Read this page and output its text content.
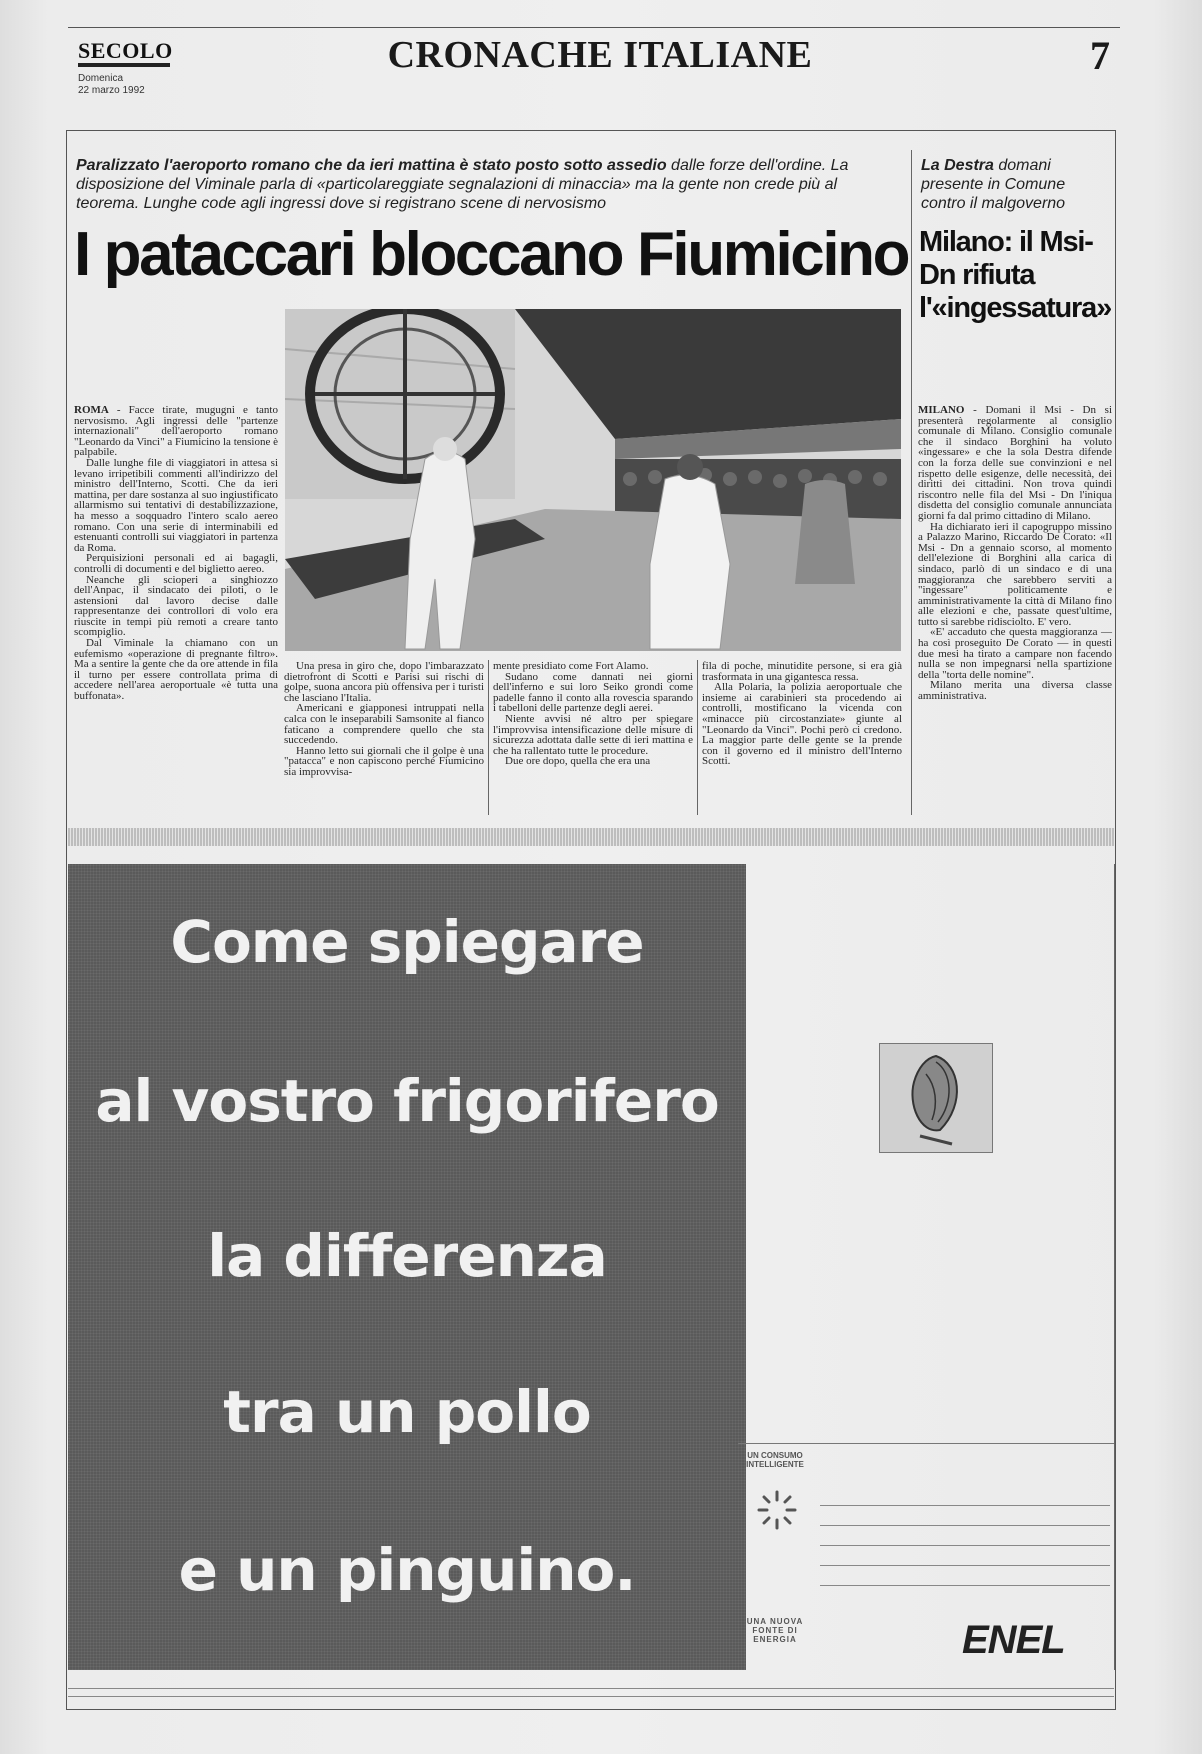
SECOLO
Domenica
22 marzo 1992
CRONACHE ITALIANE	7
Paralizzato l'aeroporto romano che da ieri mattina è stato posto sotto assedio dalle forze dell'ordine. La disposizione del Viminale parla di «particolareggiate segnalazioni di minaccia» ma la gente non crede più al teorema. Lunghe code agli ingressi dove si registrano scene di nervosismo
I pataccari bloccano Fiumicino

ROMA - Facce tirate, mugugni e tanto nervosismo. Agli ingressi delle "partenze internazionali" dell'aeroporto romano "Leonardo da Vinci" a Fiumicino la tensione è palpabile.

Dalle lunghe file di viaggiatori in attesa si levano irripetibili commenti all'indirizzo del ministro dell'Interno, Scotti. Che da ieri mattina, per dare sostanza al suo ingiustificato allarmismo sui tentativi di destabilizzazione, ha messo a soqquadro l'intero scalo aereo romano. Con una serie di interminabili ed estenuanti controlli sui viaggiatori in partenza da Roma.

Perquisizioni personali ed ai bagagli, controlli di documenti e del biglietto aereo.

Neanche gli scioperi a singhiozzo dell'Anpac, il sindacato dei piloti, o le astensioni dal lavoro decise dalle rappresentanze dei controllori di volo era riuscite in tempi più remoti a creare tanto scompiglio.

Dal Viminale la chiamano con un eufemismo «operazione di pregnante filtro». Ma a sentire la gente che da ore attende in fila il turno per essere controllata prima di accedere nell'area aeroportuale «è tutta una buffonata».

Una presa in giro che, dopo l'imbarazzato dietrofront di Scotti e Parisi sui rischi di golpe, suona ancora più offensiva per i turisti che lasciano l'Italia.

Americani e giapponesi intruppati nella calca con le inseparabili Samsonite al fianco faticano a comprendere quello che sta succedendo.

Hanno letto sui giornali che il golpe è una "patacca" e non capiscono perché Fiumicino sia improvvisa-

mente presidiato come Fort Alamo.

Sudano come dannati nei giorni dell'inferno e sui loro Seiko grondi come padelle fanno il conto alla rovescia sparando i tabelloni delle partenze degli aerei.

Niente avvisi né altro per spiegare l'improvvisa intensificazione delle misure di sicurezza adottata dalle sette di ieri mattina e che ha rallentato tutte le procedure.

Due ore dopo, quella che era una

fila di poche, minutidite persone, si era già trasformata in una gigantesca ressa.

Alla Polaria, la polizia aeroportuale che insieme ai carabinieri sta procedendo ai controlli, mostificano la vicenda con «minacce più circostanziate» giunte al "Leonardo da Vinci". Pochi però ci credono. La maggior parte delle gente se la prende con il governo ed il ministro dell'Interno Scotti.

La Destra domani presente in Comune contro il malgoverno
Milano: il Msi-Dn rifiuta l'«ingessatura»

MILANO - Domani il Msi - Dn si presenterà regolarmente al consiglio comunale di Milano. Consiglio comunale che il sindaco Borghini ha voluto «ingessare» e che la sola Destra difende con la forza delle sue convinzioni e nel rispetto delle esigenze, delle necessità, dei diritti dei cittadini. Non trova quindi riscontro nelle fila del Msi - Dn l'iniqua disdetta del consiglio comunale annunciata giorni fa dal primo cittadino di Milano.

Ha dichiarato ieri il capogruppo missino a Palazzo Marino, Riccardo De Corato: «Il Msi - Dn a gennaio scorso, al momento dell'elezione di Borghini alla carica di sindaco, parlò di un sindaco e di una maggioranza che sarebbero serviti a "ingessare" politicamente e amministrativamente la città di Milano fino alle elezioni e che, passate quest'ultime, tutto si sarebbe ridisciolto. E' vero.

«E' accaduto che questa maggioranza — ha così proseguito De Corato — in questi due mesi ha tirato a campare non facendo nulla se non impegnarsi nella spartizione della "torta delle nomine".

Milano merita una diversa classe amministrativa.

Come spiegare
al vostro frigorifero
la differenza
tra un pollo
e un pinguino.
UN CONSUMO INTELLIGENTE
UNA NUOVA FONTE DI ENERGIA	ENEL
